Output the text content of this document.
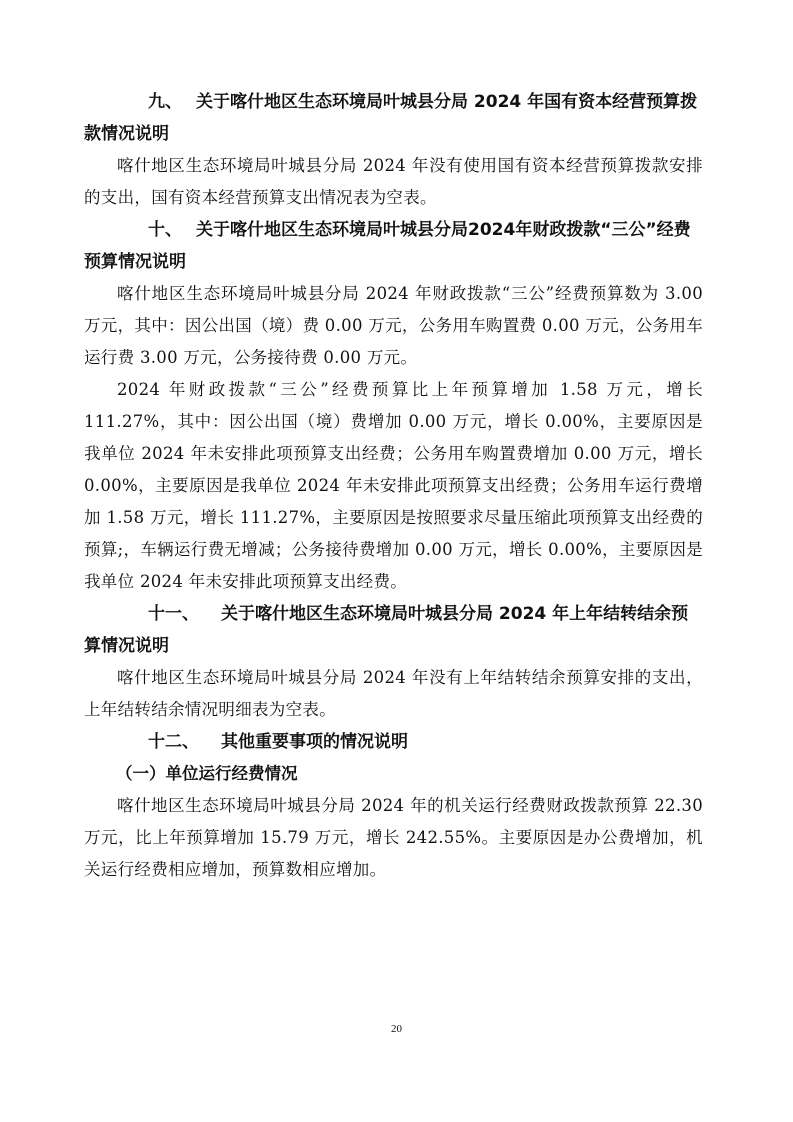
九、 关于喀什地区生态环境局叶城县分局 2024 年国有资本经营预算拨款情况说明

喀什地区生态环境局叶城县分局 2024 年没有使用国有资本经营预算拨款安排的支出，国有资本经营预算支出情况表为空表。

十、 关于喀什地区生态环境局叶城县分局2024年财政拨款“三公”经费预算情况说明

喀什地区生态环境局叶城县分局 2024 年财政拨款“三公”经费预算数为 3.00 万元，其中：因公出国（境）费 0.00 万元，公务用车购置费 0.00 万元，公务用车运行费 3.00 万元，公务接待费 0.00 万元。

2024 年财政拨款“三公”经费预算比上年预算增加 1.58 万元，增长 111.27%，其中：因公出国（境）费增加 0.00 万元，增长 0.00%，主要原因是我单位 2024 年未安排此项预算支出经费；公务用车购置费增加 0.00 万元，增长 0.00%，主要原因是我单位 2024 年未安排此项预算支出经费；公务用车运行费增加 1.58 万元，增长 111.27%，主要原因是按照要求尽量压缩此项预算支出经费的预算;，车辆运行费无增减；公务接待费增加 0.00 万元，增长 0.00%，主要原因是我单位 2024 年未安排此项预算支出经费。

十一、 关于喀什地区生态环境局叶城县分局 2024 年上年结转结余预算情况说明

喀什地区生态环境局叶城县分局 2024 年没有上年结转结余预算安排的支出，上年结转结余情况明细表为空表。

十二、 其他重要事项的情况说明
（一）单位运行经费情况

喀什地区生态环境局叶城县分局 2024 年的机关运行经费财政拨款预算 22.30 万元，比上年预算增加 15.79 万元，增长 242.55%。主要原因是办公费增加，机关运行经费相应增加，预算数相应增加。

20
